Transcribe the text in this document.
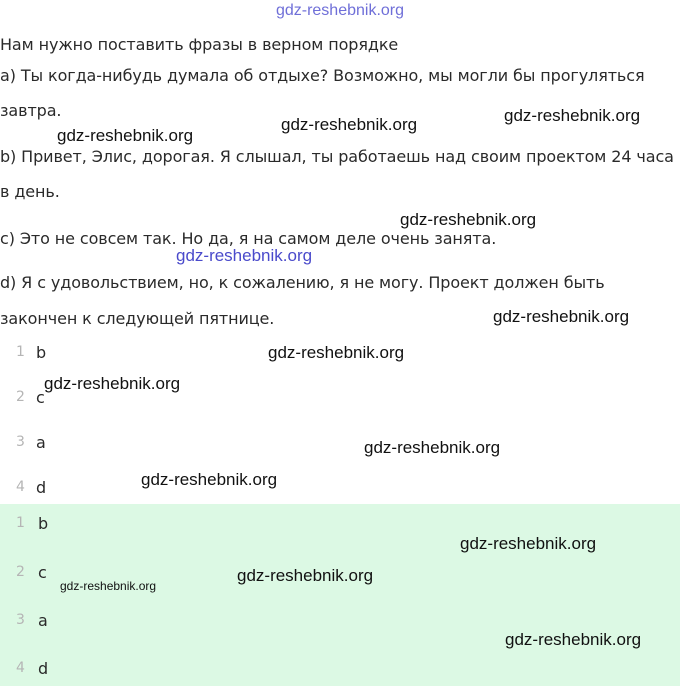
gdz-reshebnik.org
Нам нужно поставить фразы в верном порядке
а) Ты когда-нибудь думала об отдыхе? Возможно, мы могли бы прогуляться
завтра.
b) Привет, Элис, дорогая. Я слышал, ты работаешь над своим проектом 24 часа
в день.
с) Это не совсем так. Но да, я на самом деле очень занята.
d) Я с удовольствием, но, к сожалению, я не могу. Проект должен быть
закончен к следующей пятнице.
1 b
2 c
3 a
4 d
1 b
2 c
3 a
4 d
gdz-reshebnik.org
gdz-reshebnik.org	gdz-reshebnik.org
gdz-reshebnik.org
gdz-reshebnik.org
gdz-reshebnik.org
gdz-reshebnik.org
gdz-reshebnik.org
gdz-reshebnik.org
gdz-reshebnik.org
gdz-reshebnik.org
gdz-reshebnik.org
gdz-reshebnik.org
gdz-reshebnik.org
